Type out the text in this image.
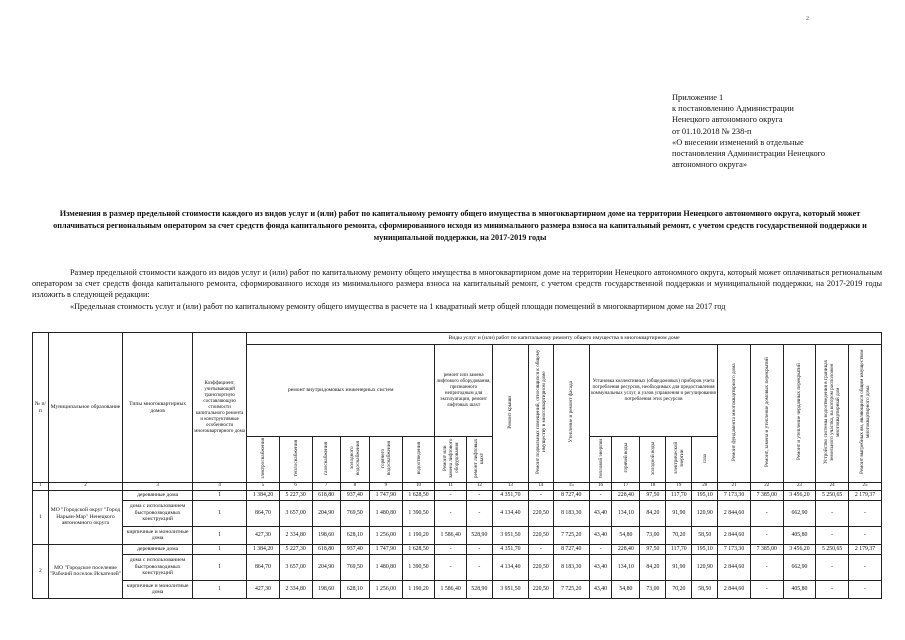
2
Приложение 1
к постановлению Администрации
Ненецкого автономного округа
от 01.10.2018 № 238-п
«О внесении изменений в отдельные
постановления Администрации Ненецкого
автономного округа»
Изменения в размер предельной стоимости каждого из видов услуг и (или) работ по капитальному ремонту общего имущества в многоквартирном доме на территории Ненецкого автономного округа, который может оплачиваться региональным оператором за счет средств фонда капитального ремонта, сформированного исходя из минимального размера взноса на капитальный ремонт, с учетом средств государственной поддержки и муниципальной поддержки, на 2017-2019 годы

Размер предельной стоимости каждого из видов услуг и (или) работ по капитальному ремонту общего имущества в многоквартирном доме на территории Ненецкого автономного округа, который может оплачиваться региональным оператором за счет средств фонда капитального ремонта, сформированного исходя из минимального размера взноса на капитальный ремонт, с учетом средств государственной поддержки и муниципальной поддержки, на 2017-2019 годы изложить в следующей редакции:

«Предельная стоимость услуг и (или) работ по капитальному ремонту общего имущества в расчете на 1 квадратный метр общей площади помещений в многоквартирном доме на 2017 год

№ п/п	Муниципальное образование	Типы многоквартирных домов	Коэффициент, учитывающий транспортную составляющую стоимости капитального ремонта и конструктивные особенности многоквартирного дома	Виды услуг и (или) работ по капитальному ремонту общего имущества в многоквартирном доме																				
				ремонт внутридомовых инженерных систем						ремонт или замена лифтового оборудования, признанного непригодным для эксплуатации, ремонт лифтовых шахт		Ремонт крыши	Ремонт подвальных помещений, относящихся к общему имуществу в многоквартирном доме	Утепление и ремонт фасада	Установка коллективных (общедомовых) приборов учета потребления ресурсов, необходимых для предоставления коммунальных услуг, и узлов управления и регулирования потребления этих ресурсов					Ремонт фундамента многоквартирного дома	Ремонт, замена и утепление домовых перекрытий	Ремонт и утепление чердачных перекрытий	Устройство системы водоотведения в границах земельного участка, на котором расположен многоквартирный дом	Ремонт выгребных ям, являющихся общим имуществом многоквартирного дома
				электроснабжения	теплоснабжения	газоснабжения	холодного водоснабжения	горячего водоснабжения	водоотведения	Ремонт или замена лифтового оборудования	ремонт лифтовых шахт				тепловой энергии	горячей воды	холодной воды	электрической энергии	газа					
1	2	3	4	5	6	7	8	9	10	11	12	13	14	15	16	17	18	19	20	21	22	23	24	25
1	МО "Городской округ "Город Нарьян-Мар" Ненецкого автономного округа	деревянные дома	1	1 384,20	5 227,30	618,80	937,40	1 747,90	1 628,50	-	-	4 351,70	-	8 727,40	-	228,40	97,50	117,70	195,10	7 173,30	7 385,00	3 456,20	5 250,65	2 179,37
		дома с использованием быстровозводимых конструкций	1	864,70	3 657,00	204,90	769,50	1 480,80	1 390,50	-	-	4 134,40	220,50	8 183,30	43,40	134,10	84,20	91,90	120,90	2 844,60	-	662,90	-	-
		кирпичные и монолитные дома	1	427,30	2 334,80	198,60	628,10	1 256,00	1 190,20	1 586,40	528,90	3 951,50	220,50	7 725,20	43,40	54,80	73,00	70,20	58,50	2 844,60	-	405,80	-	-
2	МО "Городское поселение "Рабочий поселок Искателей"	деревянные дома	1	1 384,20	5 227,30	618,80	937,40	1 747,90	1 628,50	-	-	4 351,70	-	8 727,40	-	228,40	97,50	117,70	195,10	7 173,30	7 385,00	3 456,20	5 250,65	2 179,37
		дома с использованием быстровозводимых конструкций	1	864,70	3 657,00	204,90	769,50	1 480,80	1 390,50	-	-	4 134,40	220,50	8 183,30	43,40	134,10	84,20	91,90	120,90	2 844,60	-	662,90	-	-
		кирпичные и монолитные дома	1	427,30	2 334,80	198,60	628,10	1 256,00	1 190,20	1 586,40	528,90	3 951,50	220,50	7 725,20	43,40	54,80	73,00	70,20	58,50	2 844,60	-	405,80	-	-
